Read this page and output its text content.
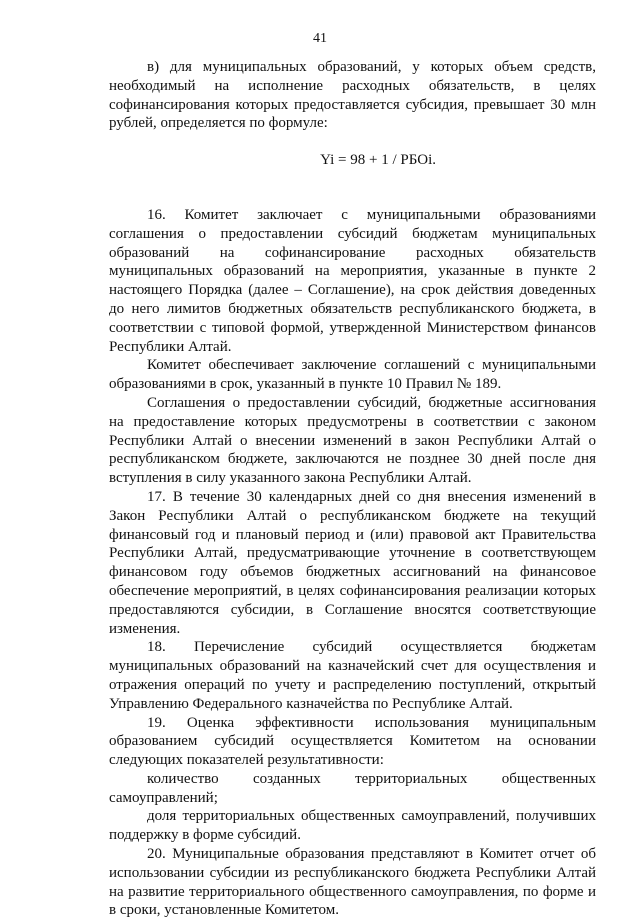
41

в) для муниципальных образований, у которых объем средств, необходимый на исполнение расходных обязательств, в целях софинансирования которых предоставляется субсидия, превышает 30 млн рублей, определяется по формуле:

Yi = 98 + 1 / РБОi.

16. Комитет заключает с муниципальными образованиями соглашения о предоставлении субсидий бюджетам муниципальных образований на софинансирование расходных обязательств муниципальных образований на мероприятия, указанные в пункте 2 настоящего Порядка (далее – Соглашение), на срок действия доведенных до него лимитов бюджетных обязательств республиканского бюджета, в соответствии с типовой формой, утвержденной Министерством финансов Республики Алтай.

Комитет обеспечивает заключение соглашений с муниципальными образованиями в срок, указанный в пункте 10 Правил № 189.

Соглашения о предоставлении субсидий, бюджетные ассигнования на предоставление которых предусмотрены в соответствии с законом Республики Алтай о внесении изменений в закон Республики Алтай о республиканском бюджете, заключаются не позднее 30 дней после дня вступления в силу указанного закона Республики Алтай.

17. В течение 30 календарных дней со дня внесения изменений в Закон Республики Алтай о республиканском бюджете на текущий финансовый год и плановый период и (или) правовой акт Правительства Республики Алтай, предусматривающие уточнение в соответствующем финансовом году объемов бюджетных ассигнований на финансовое обеспечение мероприятий, в целях софинансирования реализации которых предоставляются субсидии, в Соглашение вносятся соответствующие изменения.

18. Перечисление субсидий осуществляется бюджетам муниципальных образований на казначейский счет для осуществления и отражения операций по учету и распределению поступлений, открытый Управлению Федерального казначейства по Республике Алтай.

19. Оценка эффективности использования муниципальным образованием субсидий осуществляется Комитетом на основании следующих показателей результативности:

количество созданных территориальных общественных самоуправлений;

доля территориальных общественных самоуправлений, получивших поддержку в форме субсидий.

20. Муниципальные образования представляют в Комитет отчет об использовании субсидии из республиканского бюджета Республики Алтай на развитие территориального общественного самоуправления, по форме и в сроки, установленные Комитетом.
